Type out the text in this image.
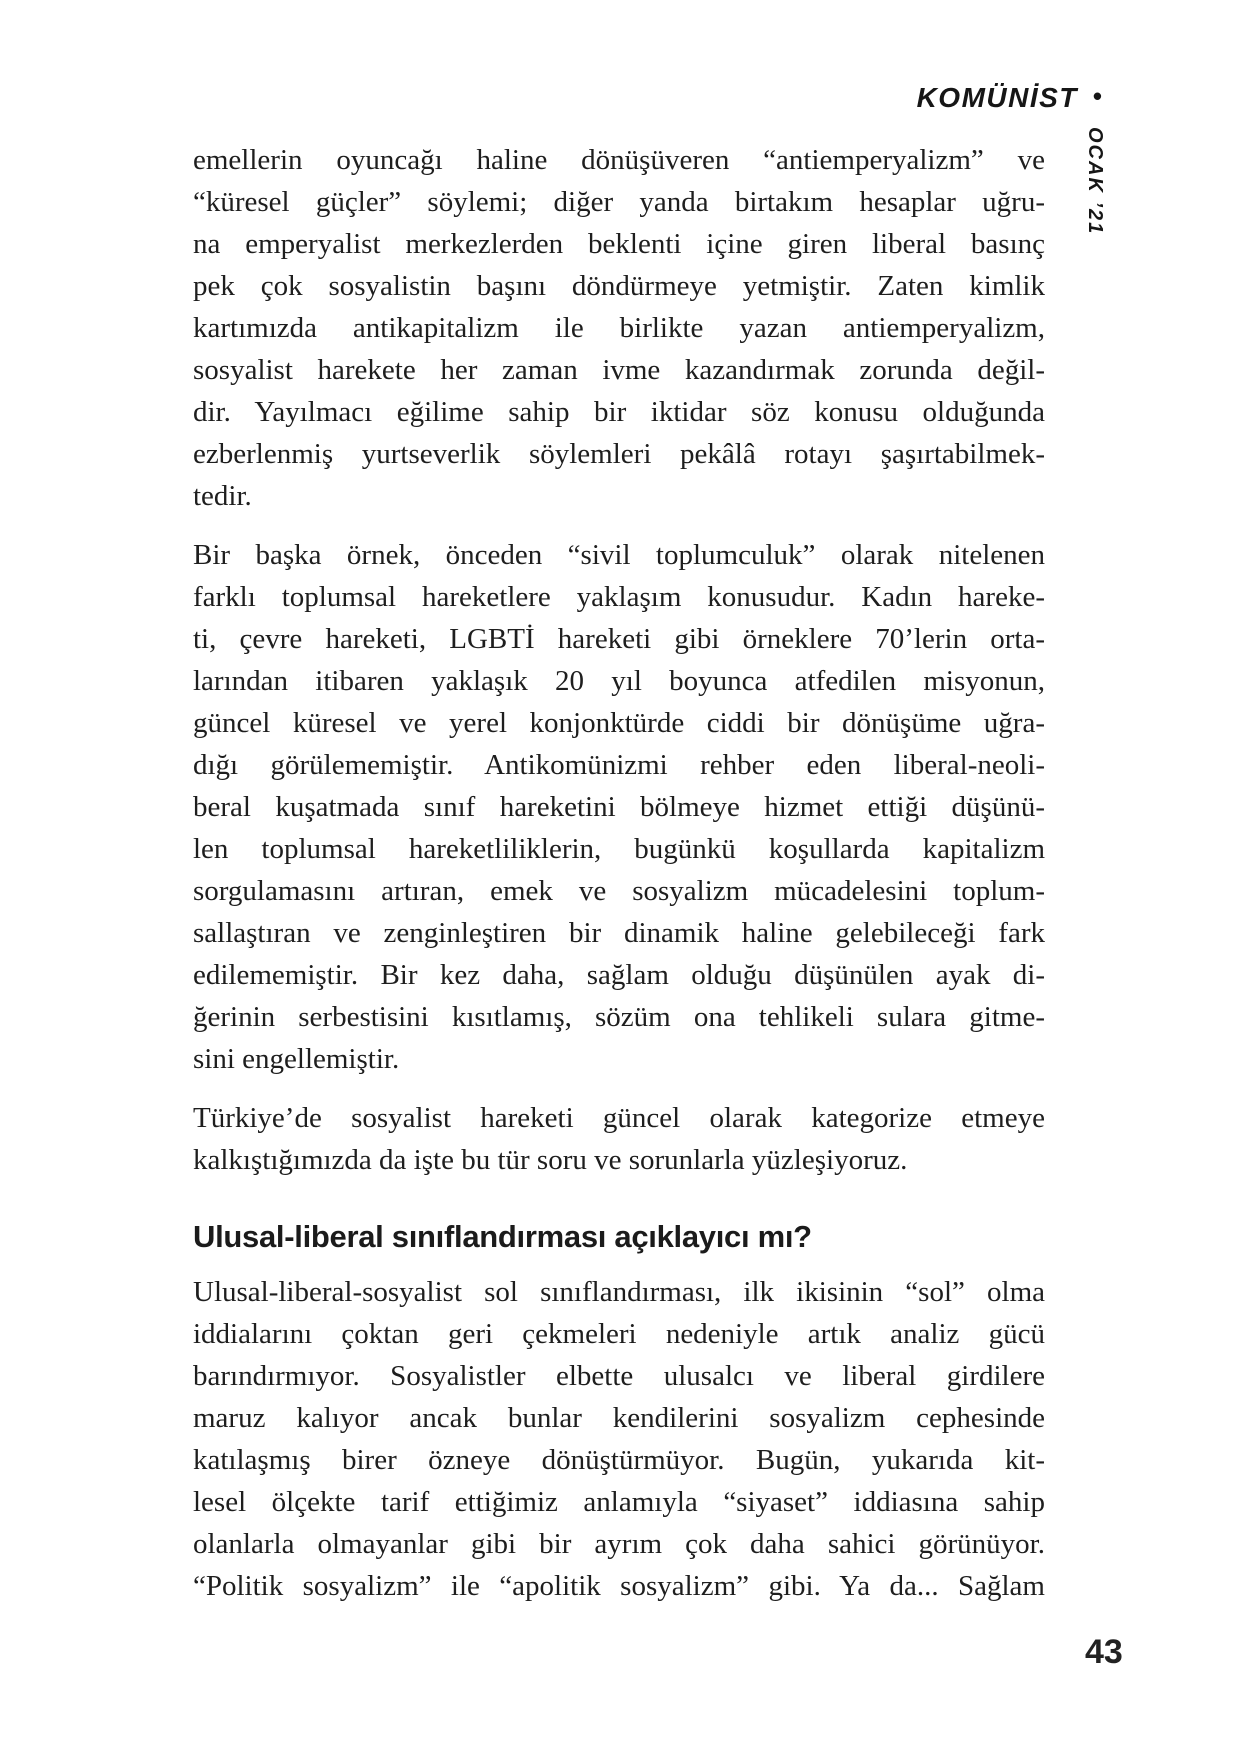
KOMÜNİST •
OCAK ’21
emellerin oyuncağı haline dönüşüveren “antiemperyalizm” ve
“küresel güçler” söylemi; diğer yanda birtakım hesaplar uğru-
na emperyalist merkezlerden beklenti içine giren liberal basınç
pek çok sosyalistin başını döndürmeye yetmiştir. Zaten kimlik
kartımızda antikapitalizm ile birlikte yazan antiemperyalizm,
sosyalist harekete her zaman ivme kazandırmak zorunda değil-
dir. Yayılmacı eğilime sahip bir iktidar söz konusu olduğunda
ezberlenmiş yurtseverlik söylemleri pekâlâ rotayı şaşırtabilmek-
tedir.
Bir başka örnek, önceden “sivil toplumculuk” olarak nitelenen
farklı toplumsal hareketlere yaklaşım konusudur. Kadın hareke-
ti, çevre hareketi, LGBTİ hareketi gibi örneklere 70’lerin orta-
larından itibaren yaklaşık 20 yıl boyunca atfedilen misyonun,
güncel küresel ve yerel konjonktürde ciddi bir dönüşüme uğra-
dığı görülememiştir. Antikomünizmi rehber eden liberal-neoli-
beral kuşatmada sınıf hareketini bölmeye hizmet ettiği düşünü-
len toplumsal hareketliliklerin, bugünkü koşullarda kapitalizm
sorgulamasını artıran, emek ve sosyalizm mücadelesini toplum-
sallaştıran ve zenginleştiren bir dinamik haline gelebileceği fark
edilememiştir. Bir kez daha, sağlam olduğu düşünülen ayak di-
ğerinin serbestisini kısıtlamış, sözüm ona tehlikeli sulara gitme-
sini engellemiştir.
Türkiye’de sosyalist hareketi güncel olarak kategorize etmeye
kalkıştığımızda da işte bu tür soru ve sorunlarla yüzleşiyoruz.
Ulusal-liberal sınıflandırması açıklayıcı mı?
Ulusal-liberal-sosyalist sol sınıflandırması, ilk ikisinin “sol” olma
iddialarını çoktan geri çekmeleri nedeniyle artık analiz gücü
barındırmıyor. Sosyalistler elbette ulusalcı ve liberal girdilere
maruz kalıyor ancak bunlar kendilerini sosyalizm cephesinde
katılaşmış birer özneye dönüştürmüyor. Bugün, yukarıda kit-
lesel ölçekte tarif ettiğimiz anlamıyla “siyaset” iddiasına sahip
olanlarla olmayanlar gibi bir ayrım çok daha sahici görünüyor.
“Politik sosyalizm” ile “apolitik sosyalizm” gibi. Ya da... Sağlam
43
